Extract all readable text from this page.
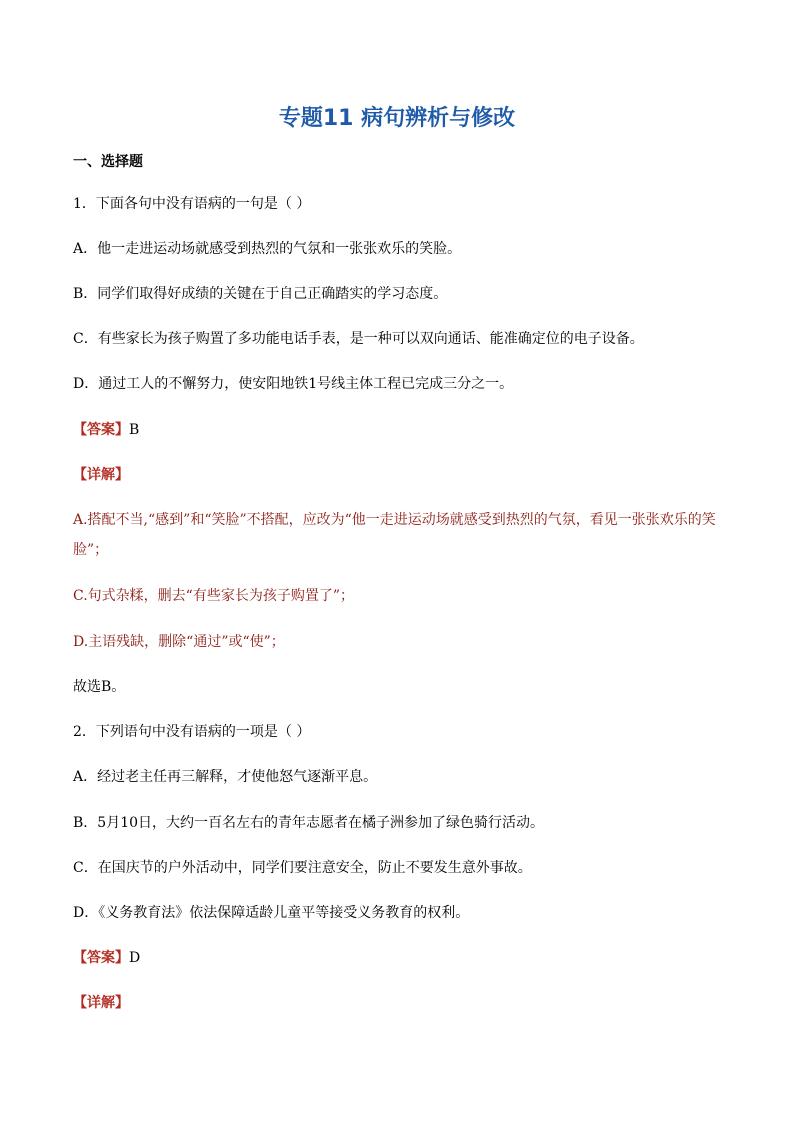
专题11 病句辨析与修改
一、选择题
1．下面各句中没有语病的一句是（ ）
A．他一走进运动场就感受到热烈的气氛和一张张欢乐的笑脸。
B．同学们取得好成绩的关键在于自己正确踏实的学习态度。
C．有些家长为孩子购置了多功能电话手表，是一种可以双向通话、能准确定位的电子设备。
D．通过工人的不懈努力，使安阳地铁1号线主体工程已完成三分之一。
【答案】B
【详解】
A.搭配不当,“感到”和“笑脸”不搭配，应改为“他一走进运动场就感受到热烈的气氛，看见一张张欢乐的笑
脸”；
C.句式杂糅，删去“有些家长为孩子购置了”；
D.主语残缺，删除“通过”或“使”；
故选B。
2．下列语句中没有语病的一项是（ ）
A．经过老主任再三解释，才使他怒气逐渐平息。
B．5月10日，大约一百名左右的青年志愿者在橘子洲参加了绿色骑行活动。
C．在国庆节的户外活动中，同学们要注意安全，防止不要发生意外事故。
D．《义务教育法》依法保障适龄儿童平等接受义务教育的权利。
【答案】D
【详解】
